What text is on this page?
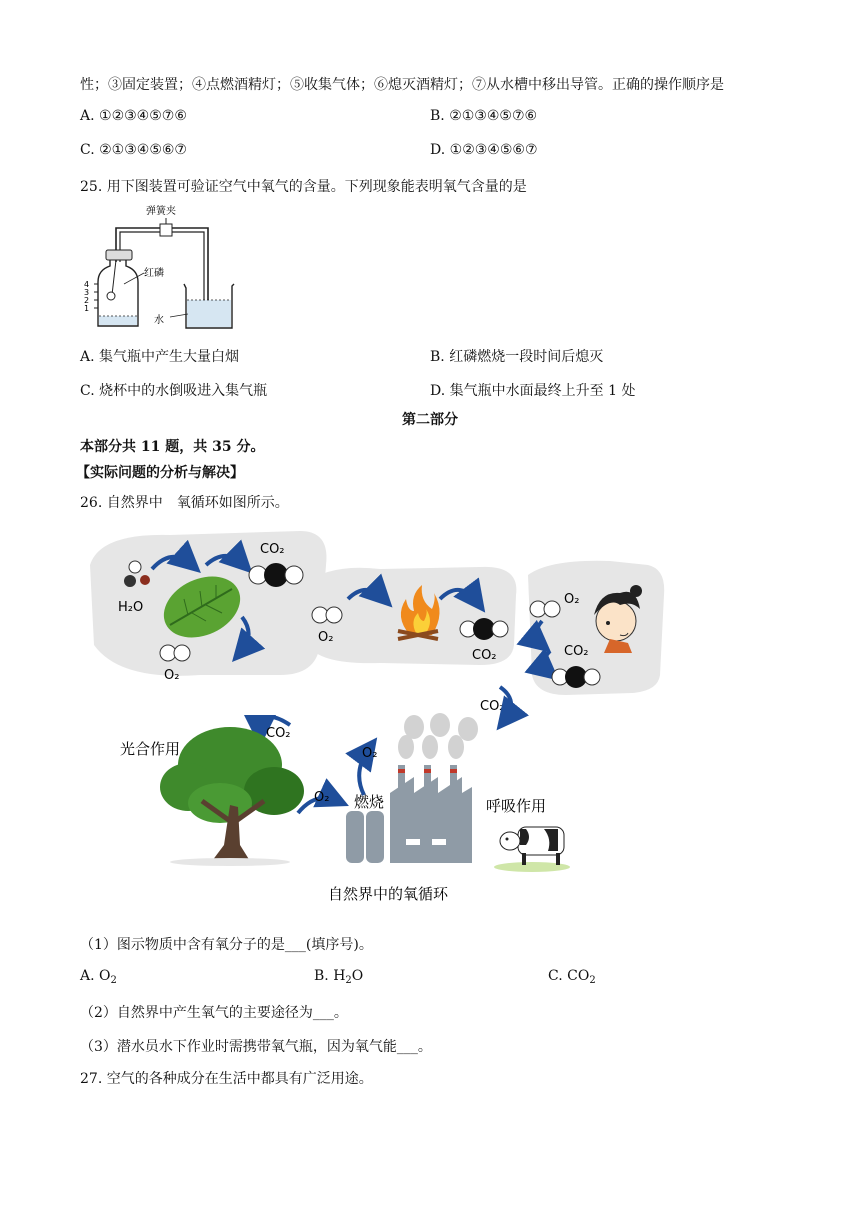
性；③固定装置；④点燃酒精灯；⑤收集气体；⑥熄灭酒精灯；⑦从水槽中移出导管。正确的操作顺序是
A. ①②③④⑤⑦⑥	B. ②①③④⑤⑦⑥
C. ②①③④⑤⑥⑦	D. ①②③④⑤⑥⑦
25. 用下图装置可验证空气中氧气的含量。下列现象能表明氧气含量的是
弹簧夹
红磷
水
4
3
2
1
A. 集气瓶中产生大量白烟	B. 红磷燃烧一段时间后熄灭
C. 烧杯中的水倒吸进入集气瓶	D. 集气瓶中水面最终上升至 1 处
第二部分
本部分共 11 题，共 35 分。
【实际问题的分析与解决】
26. 自然界中　氧循环如图所示。
H₂O
CO₂
O₂
O₂
CO₂
O₂
CO₂
CO₂
光合作用
CO₂
O₂
O₂
燃烧	呼吸作用
自然界中的氧循环
（1）图示物质中含有氧分子的是___(填序号)。
A. $O_2$	B. $H_2O$	C. $CO_2$
（2）自然界中产生氧气的主要途径为___。
（3）潜水员水下作业时需携带氧气瓶，因为氧气能___。
27. 空气的各种成分在生活中都具有广泛用途。
